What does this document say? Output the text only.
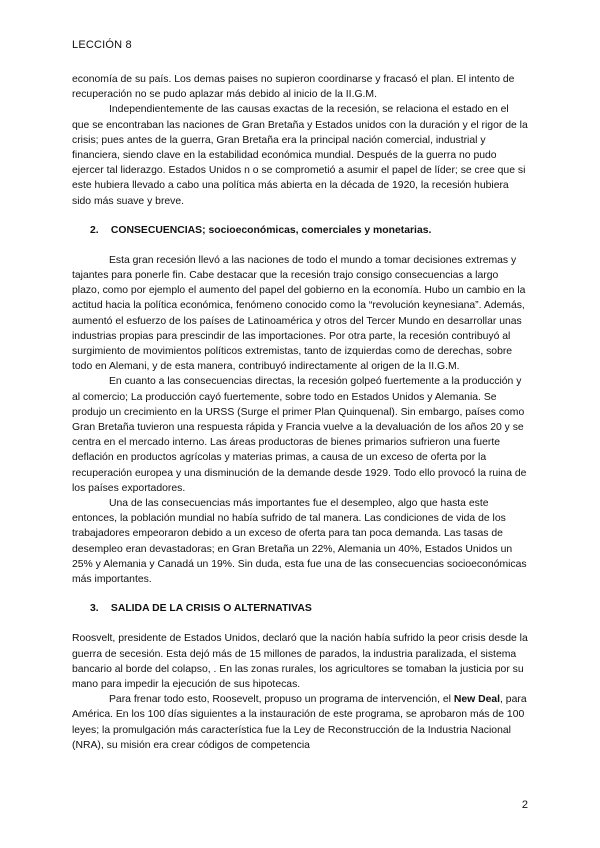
LECCIÓN 8

economía de su país. Los demas paises no supieron coordinarse y fracasó el plan. El intento de recuperación no se pudo aplazar más debido al inicio de la II.G.M.

Independientemente de las causas exactas de la recesión, se relaciona el estado en el que se encontraban las naciones de Gran Bretaña y Estados unidos con la duración y el rigor de la crisis; pues antes de la guerra, Gran Bretaña era la principal nación comercial, industrial y financiera, siendo clave en la estabilidad económica mundial. Después de la guerra no pudo ejercer tal liderazgo. Estados Unidos n o se comprometió a asumir el papel de líder; se cree que si este hubiera llevado a cabo una política más abierta en la década de 1920, la recesión hubiera sido más suave y breve.

2. CONSECUENCIAS; socioeconómicas, comerciales y monetarias.

Esta gran recesión llevó a las naciones de todo el mundo a tomar decisiones extremas y tajantes para ponerle fin. Cabe destacar que la recesión trajo consigo consecuencias a largo plazo, como por ejemplo el aumento del papel del gobierno en la economía. Hubo un cambio en la actitud hacia la política económica, fenómeno conocido como la “revolución keynesiana”. Además, aumentó el esfuerzo de los países de Latinoamérica y otros del Tercer Mundo en desarrollar unas industrias propias para prescindir de las importaciones. Por otra parte, la recesión contribuyó al surgimiento de movimientos políticos extremistas, tanto de izquierdas como de derechas, sobre todo en Alemani, y de esta manera, contribuyó indirectamente al origen de la II.G.M.

En cuanto a las consecuencias directas, la recesión golpeó fuertemente a la producción y al comercio; La producción cayó fuertemente, sobre todo en Estados Unidos y Alemania. Se produjo un crecimiento en la URSS (Surge el primer Plan Quinquenal). Sin embargo, países como Gran Bretaña tuvieron una respuesta rápida y Francia vuelve a la devaluación de los años 20 y se centra en el mercado interno. Las áreas productoras de bienes primarios sufrieron una fuerte deflación en productos agrícolas y materias primas, a causa de un exceso de oferta por la recuperación europea y una disminución de la demande desde 1929. Todo ello provocó la ruina de los países exportadores.

Una de las consecuencias más importantes fue el desempleo, algo que hasta este entonces, la población mundial no había sufrido de tal manera. Las condiciones de vida de los trabajadores empeoraron debido a un exceso de oferta para tan poca demanda. Las tasas de desempleo eran devastadoras; en Gran Bretaña un 22%, Alemania un 40%, Estados Unidos un 25% y Alemania y Canadá un 19%. Sin duda, esta fue una de las consecuencias socioeconómicas más importantes.

3. SALIDA DE LA CRISIS O ALTERNATIVAS

Roosvelt, presidente de Estados Unidos, declaró que la nación había sufrido la peor crisis desde la guerra de secesión. Esta dejó más de 15 millones de parados, la industria paralizada, el sistema bancario al borde del colapso, . En las zonas rurales, los agricultores se tomaban la justicia por su mano para impedir la ejecución de sus hipotecas.

Para frenar todo esto, Roosevelt, propuso un programa de intervención, el New Deal, para América. En los 100 días siguientes a la instauración de este programa, se aprobaron más de 100 leyes; la promulgación más característica fue la Ley de Reconstrucción de la Industria Nacional (NRA), su misión era crear códigos de competencia

2
